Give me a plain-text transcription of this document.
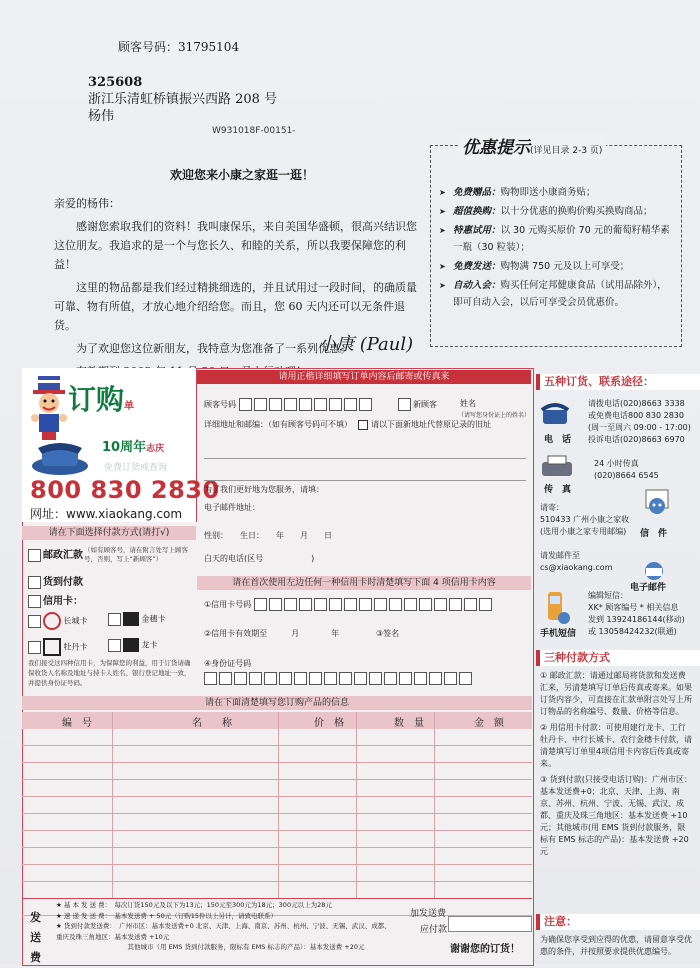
顾客号码：31795104
325608
浙江乐清虹桥镇振兴西路 208 号
杨伟
W931018F-00151-
欢迎您来小康之家逛一逛！

亲爱的杨伟：

感谢您索取我们的资料！我叫康保乐，来自美国华盛顿，很高兴结识您这位朋友。我追求的是一个与您长久、和睦的关系，所以我要保障您的利益！

这里的物品都是我们经过精挑细选的，并且试用过一段时间，的确质量可靠、物有所值，才放心地介绍给您。而且，您 60 天内还可以无条件退货。

为了欢迎您这位新朋友，我特意为您准备了一系列优惠。

小康 (Paul)
➤ 免费赠品：购物即送小康商务贴；
➤ 超值换购：以十分优惠的换购价购买换购商品；
➤ 特惠试用：以 30 元购买原价 70 元的葡萄籽精华素一瓶（30 粒装）；
➤ 免费发送：购物满 750 元及以上可享受；
➤ 自动入会：购买任何定邦健康食品（试用品除外），即可自动入会，以后可享受会员优惠价。
优惠提示(详见目录 2-3 页)
订购单
10周年志庆
免费订货或查询
800 830 2830
网址：www.xiaokang.com
请用正楷详细填写订单内容后邮寄或传真来
顾客号码	新顾客	姓名
（请写您身份证上的姓名）
详细地址和邮编：（如有顾客号码可不填）	请以下面新地址代替原记录的旧址
为了我们更好地为您服务，请填：
电子邮件地址：
性别：　　 生日：　　 年　　 月　　 日
白天的电话(区号　　　　　　	)
请在下面选择付款方式(请打√)
邮政汇款 （如有顾客号，请在附言处写上顾客号，否则，写上“新顾客”）
货到付款
信用卡：
长城卡	金穗卡
牡丹卡	龙卡
我们接受这四种信用卡，为保障您的利益，用于订货请确保收货人名称及地址与持卡人姓名、银行登记地址一致，并提供身份证号码。
请在首次使用左边任何一种信用卡时清楚填写下面 4 项信用卡内容
①信用卡号码
②信用卡有效期至　　　	月　　　　	年	③签名
④身份证号码
请在下面清楚填写您订购产品的信息
编　号	名　　称	价　格	数　量	金　额
发送费
★ 基 本 发 送 费：　每次订货150元及以下为13元；150元至300元为18元；300元以上为28元
★ 速 递 发 送 费：　基本发送费 + 50元（订购15件以上另计，请致电联系）
★ 货到付款发送费：　广州市区：基本发送费+0 北京、天津、上海、南京、苏州、杭州、宁波、无锡、武汉、成都、重庆及珠三角地区：基本发送费 +10元
　　　　　　　　　　　其他城市（用 EMS 货到付款服务，限标有 EMS 标志的产品）：基本发送费 +20元
加发送费
应付款
谢谢您的订货！
五种订货、联系途径：
电　话
请拨电话(020)8663 3338
或免费电话800 830 2830
(周一至周六 09:00 - 17:00)
投诉电话(020)8663 6970
传　真
24 小时传真
(020)8664 6545
请寄：
510433 广州小康之家收
(选用小康之家专用邮编)	信　件
请发邮件至
cs@xiaokang.com
电子邮件
手机短信
编辑短信：
XK* 顾客编号 * 相关信息
发到 13924186144(移动)
或 13058424232(联通)
三种付款方式
① 邮政汇款：请通过邮局将货款和发送费汇来，另清楚填写订单后传真或寄来。如果订货内容少，可直接在汇款单附言处写上所订物品的名称编号、数量、价格等信息。
② 用信用卡付款：可使用建行龙卡、工行牡丹卡、中行长城卡、农行金穗卡付款，请清楚填写订单里4项信用卡内容后传真或寄来。
③ 货到付款(只接受电话订购)：广州市区：基本发送费+0；北京、天津、上海、南京、苏州、杭州、宁波、无锡、武汉、成都、重庆及珠三角地区：基本发送费 +10元；其他城市(用 EMS 货到付款服务，限标有 EMS 标志的产品)：基本发送费 +20元
注意：
为确保您享受到应得的优惠，请留意享受优惠的条件，并按照要求提供优惠编号。
